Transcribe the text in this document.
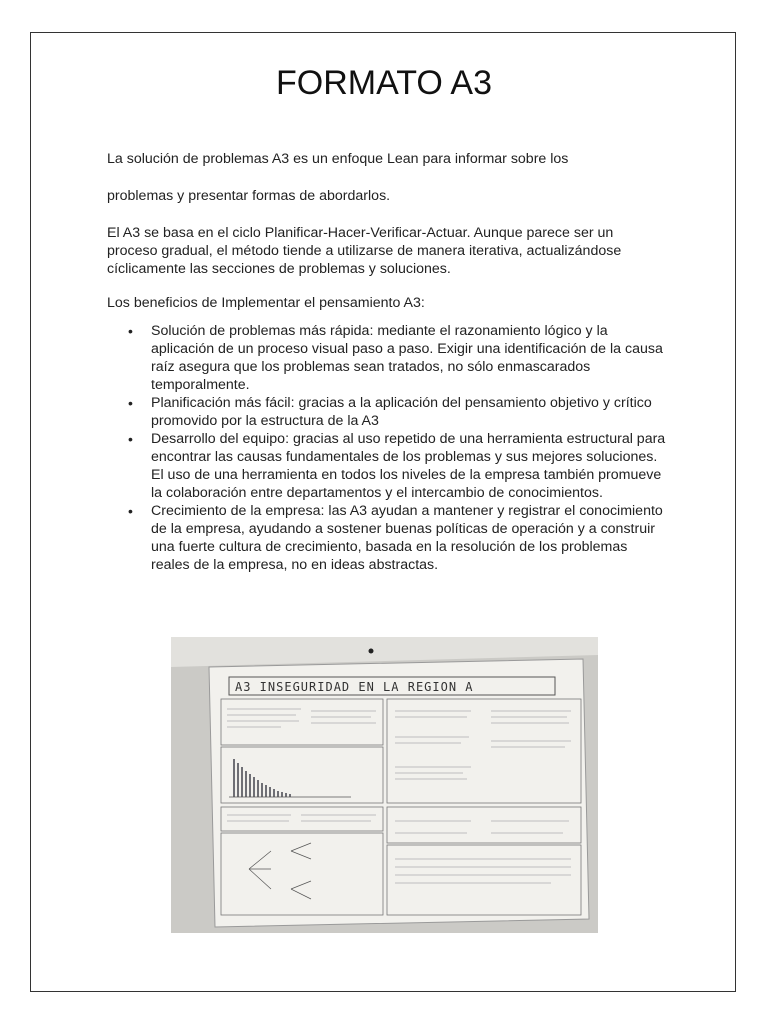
FORMATO A3

La solución de problemas A3 es un enfoque Lean para informar sobre los

problemas y presentar formas de abordarlos.

El A3 se basa en el ciclo Planificar-Hacer-Verificar-Actuar. Aunque parece ser un proceso gradual, el método tiende a utilizarse de manera iterativa, actualizándose cíclicamente las secciones de problemas y soluciones.

Los beneficios de Implementar el pensamiento A3:

• Solución de problemas más rápida: mediante el razonamiento lógico y la aplicación de un proceso visual paso a paso. Exigir una identificación de la causa raíz asegura que los problemas sean tratados, no sólo enmascarados temporalmente.
• Planificación más fácil: gracias a la aplicación del pensamiento objetivo y crítico promovido por la estructura de la A3
• Desarrollo del equipo: gracias al uso repetido de una herramienta estructural para encontrar las causas fundamentales de los problemas y sus mejores soluciones. El uso de una herramienta en todos los niveles de la empresa también promueve la colaboración entre departamentos y el intercambio de conocimientos.
• Crecimiento de la empresa: las A3 ayudan a mantener y registrar el conocimiento de la empresa, ayudando a sostener buenas políticas de operación y a construir una fuerte cultura de crecimiento, basada en la resolución de los problemas reales de la empresa, no en ideas abstractas.
A3 INSEGURIDAD EN LA REGION A
